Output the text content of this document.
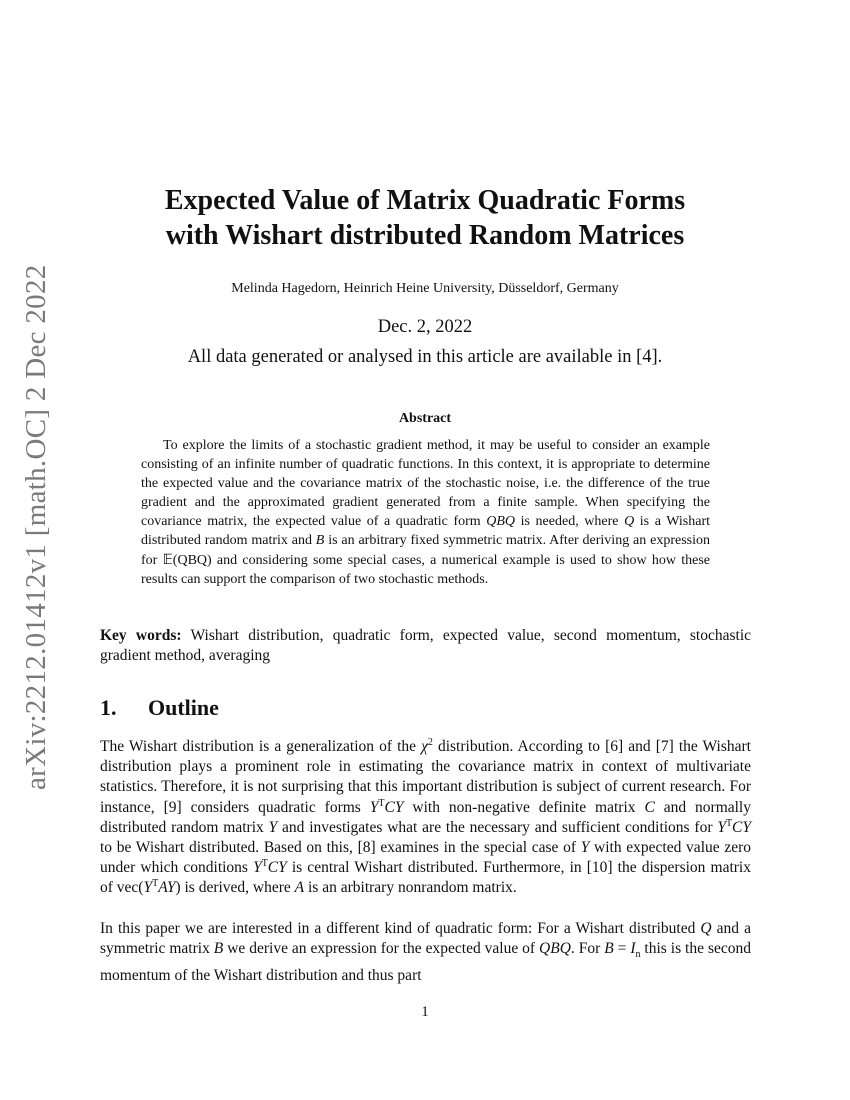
arXiv:2212.01412v1 [math.OC] 2 Dec 2022
Expected Value of Matrix Quadratic Forms
with Wishart distributed Random Matrices
Melinda Hagedorn, Heinrich Heine University, Düsseldorf, Germany
Dec. 2, 2022
All data generated or analysed in this article are available in [4].
Abstract
To explore the limits of a stochastic gradient method, it may be useful to consider an example consisting of an infinite number of quadratic functions. In this context, it is appropriate to determine the expected value and the covariance matrix of the stochastic noise, i.e. the difference of the true gradient and the approximated gradient generated from a finite sample. When specifying the covariance matrix, the expected value of a quadratic form QBQ is needed, where Q is a Wishart distributed random matrix and B is an arbitrary fixed symmetric matrix. After deriving an expression for 𝔼(QBQ) and considering some special cases, a numerical example is used to show how these results can support the comparison of two stochastic methods.
Key words: Wishart distribution, quadratic form, expected value, second momentum, stochastic gradient method, averaging
1. Outline
The Wishart distribution is a generalization of the $\chi^2$ distribution. According to [6] and [7] the Wishart distribution plays a prominent role in estimating the covariance matrix in context of multivariate statistics. Therefore, it is not surprising that this important distribution is subject of current research. For instance, [9] considers quadratic forms $Y^TCY$ with non-negative definite matrix C and normally distributed random matrix Y and investigates what are the necessary and sufficient conditions for $Y^TCY$ to be Wishart distributed. Based on this, [8] examines in the special case of Y with expected value zero under which conditions $Y^TCY$ is central Wishart distributed. Furthermore, in [10] the dispersion matrix of $vec(Y^TAY)$ is derived, where A is an arbitrary nonrandom matrix.
In this paper we are interested in a different kind of quadratic form: For a Wishart distributed Q and a symmetric matrix B we derive an expression for the expected value of QBQ. For $B = I_n$ this is the second momentum of the Wishart distribution and thus part
1
